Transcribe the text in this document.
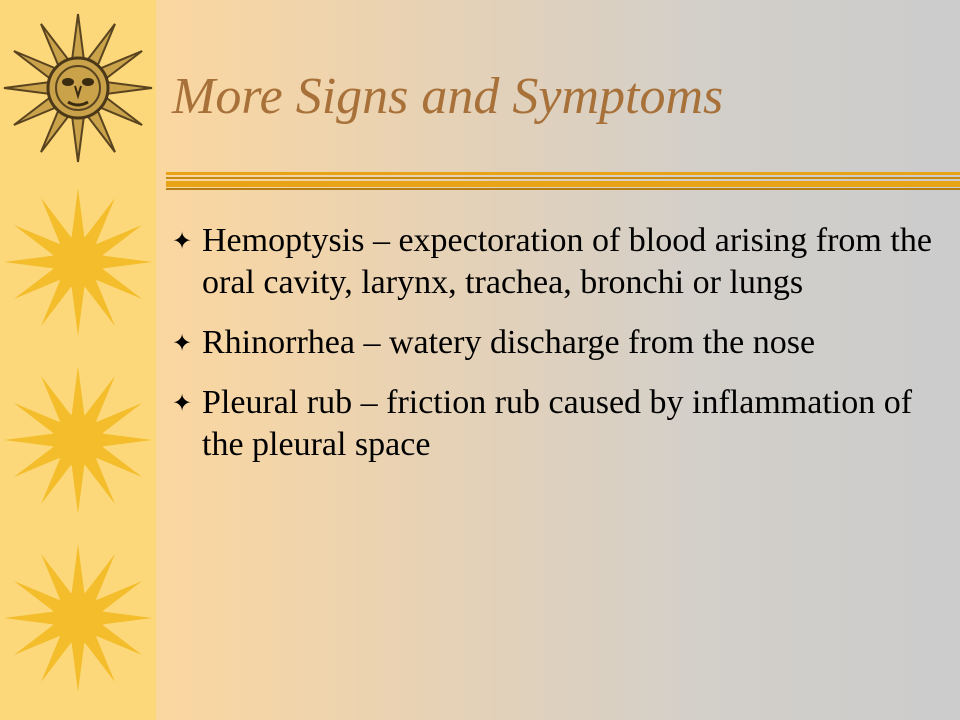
More Signs and Symptoms
✦ Hemoptysis – expectoration of blood arising from the oral cavity, larynx, trachea, bronchi or lungs
✦ Rhinorrhea – watery discharge from the nose
✦ Pleural rub – friction rub caused by inflammation of the pleural space
